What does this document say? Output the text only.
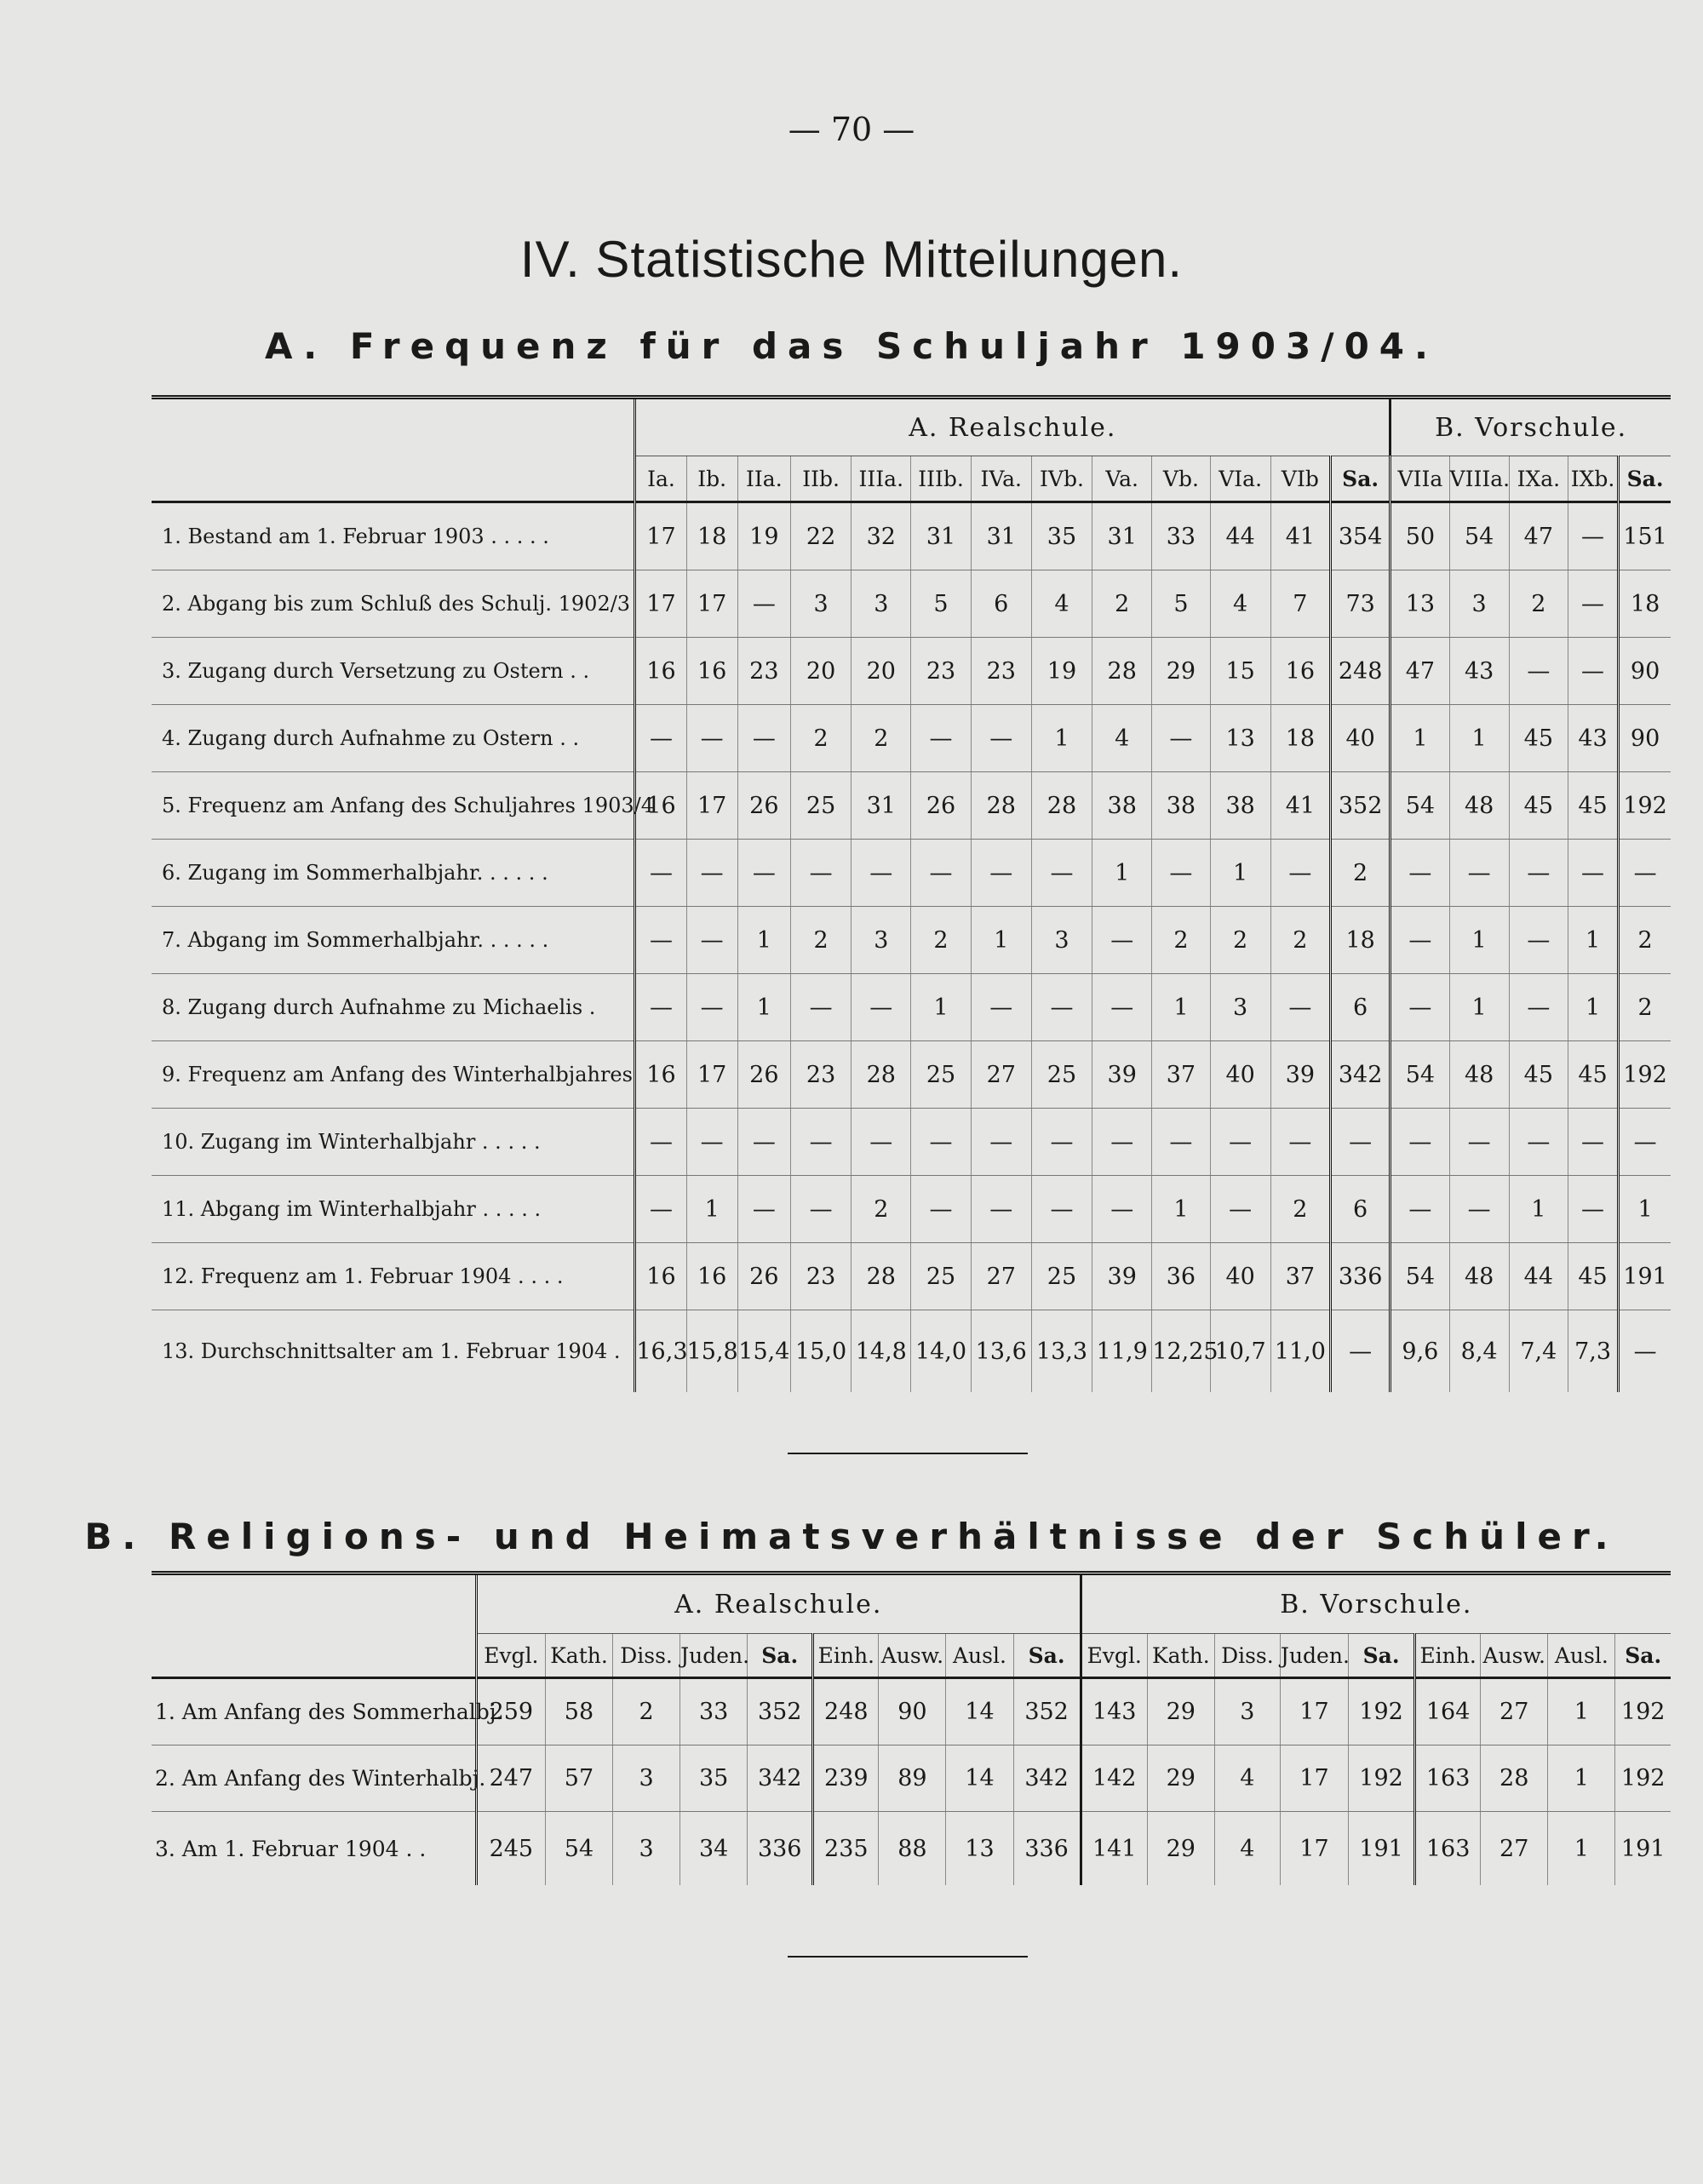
— 70 —
IV. Statistische Mitteilungen.
A. Frequenz für das Schuljahr 1903/04.
	A. Realschule.													B. Vorschule.				
	Ia.	Ib.	IIa.	IIb.	IIIa.	IIIb.	IVa.	IVb.	Va.	Vb.	VIa.	VIb	Sa.	VIIa	VIIIa.	IXa.	IXb.	Sa.
1. Bestand am 1. Februar 1903 . . . . .	17	18	19	22	32	31	31	35	31	33	44	41	354	50	54	47	—	151
2. Abgang bis zum Schluß des Schulj. 1902/3	17	17	—	3	3	5	6	4	2	5	4	7	73	13	3	2	—	18
3. Zugang durch Versetzung zu Ostern . .	16	16	23	20	20	23	23	19	28	29	15	16	248	47	43	—	—	90
4. Zugang durch Aufnahme zu Ostern . .	—	—	—	2	2	—	—	1	4	—	13	18	40	1	1	45	43	90
5. Frequenz am Anfang des Schuljahres 1903/4	16	17	26	25	31	26	28	28	38	38	38	41	352	54	48	45	45	192
6. Zugang im Sommerhalbjahr. . . . . .	—	—	—	—	—	—	—	—	1	—	1	—	2	—	—	—	—	—
7. Abgang im Sommerhalbjahr. . . . . .	—	—	1	2	3	2	1	3	—	2	2	2	18	—	1	—	1	2
8. Zugang durch Aufnahme zu Michaelis .	—	—	1	—	—	1	—	—	—	1	3	—	6	—	1	—	1	2
9. Frequenz am Anfang des Winterhalbjahres	16	17	26	23	28	25	27	25	39	37	40	39	342	54	48	45	45	192
10. Zugang im Winterhalbjahr . . . . .	—	—	—	—	—	—	—	—	—	—	—	—	—	—	—	—	—	—
11. Abgang im Winterhalbjahr . . . . .	—	1	—	—	2	—	—	—	—	1	—	2	6	—	—	1	—	1
12. Frequenz am 1. Februar 1904 . . . .	16	16	26	23	28	25	27	25	39	36	40	37	336	54	48	44	45	191
13. Durchschnittsalter am 1. Februar 1904 .	16,3	15,8	15,4	15,0	14,8	14,0	13,6	13,3	11,9	12,25	10,7	11,0	—	9,6	8,4	7,4	7,3	—
B. Religions- und Heimatsverhältnisse der Schüler.
	A. Realschule.									B. Vorschule.								
	Evgl.	Kath.	Diss.	Juden.	Sa.	Einh.	Ausw.	Ausl.	Sa.	Evgl.	Kath.	Diss.	Juden.	Sa.	Einh.	Ausw.	Ausl.	Sa.
1. Am Anfang des Sommerhalbj.	259	58	2	33	352	248	90	14	352	143	29	3	17	192	164	27	1	192
2. Am Anfang des Winterhalbj.	247	57	3	35	342	239	89	14	342	142	29	4	17	192	163	28	1	192
3. Am 1. Februar 1904 . .	245	54	3	34	336	235	88	13	336	141	29	4	17	191	163	27	1	191
